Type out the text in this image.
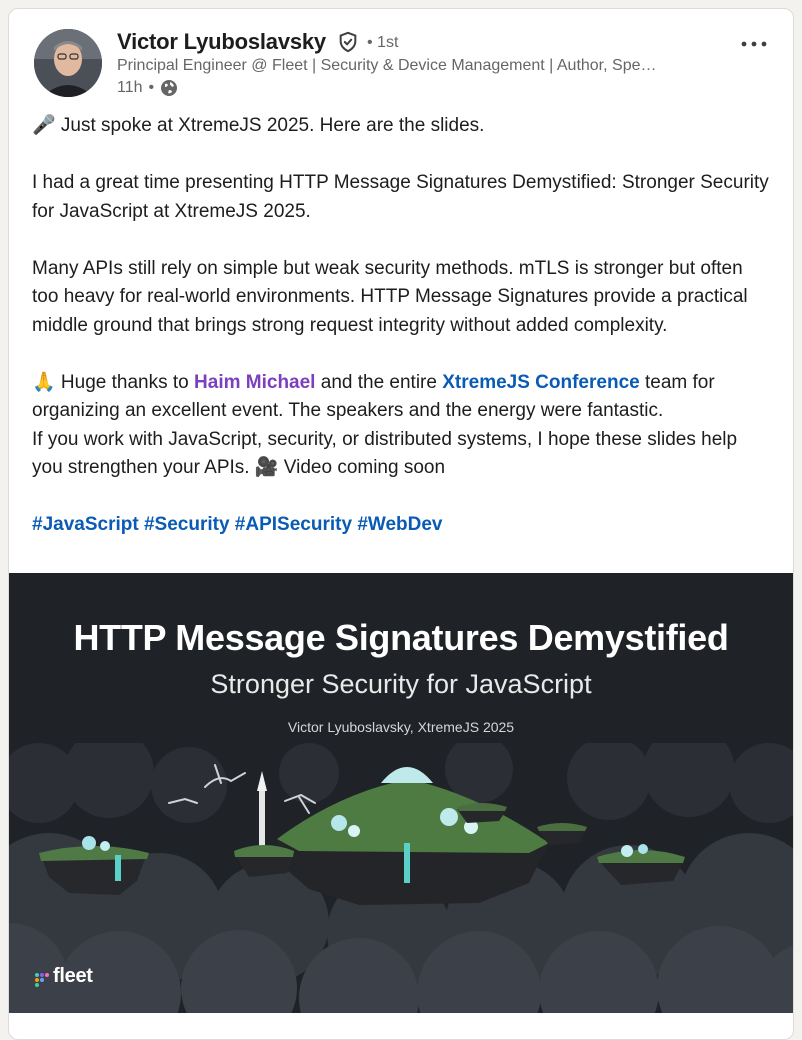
Victor Lyuboslavsky	• 1st
Principal Engineer @ Fleet | Security & Device Management | Author, Spe…
11h •

🎤 Just spoke at XtremeJS 2025. Here are the slides.

I had a great time presenting HTTP Message Signatures Demystified: Stronger Security for JavaScript at XtremeJS 2025.

Many APIs still rely on simple but weak security methods. mTLS is stronger but often too heavy for real-world environments. HTTP Message Signatures provide a practical middle ground that brings strong request integrity without added complexity.

🙏 Huge thanks to Haim Michael and the entire XtremeJS Conference team for organizing an excellent event. The speakers and the energy were fantastic.

If you work with JavaScript, security, or distributed systems, I hope these slides help you strengthen your APIs. 🎥 Video coming soon

#JavaScript #Security #APISecurity #WebDev

HTTP Message Signatures Demystified
Stronger Security for JavaScript
Victor Lyuboslavsky, XtremeJS 2025
fleet
